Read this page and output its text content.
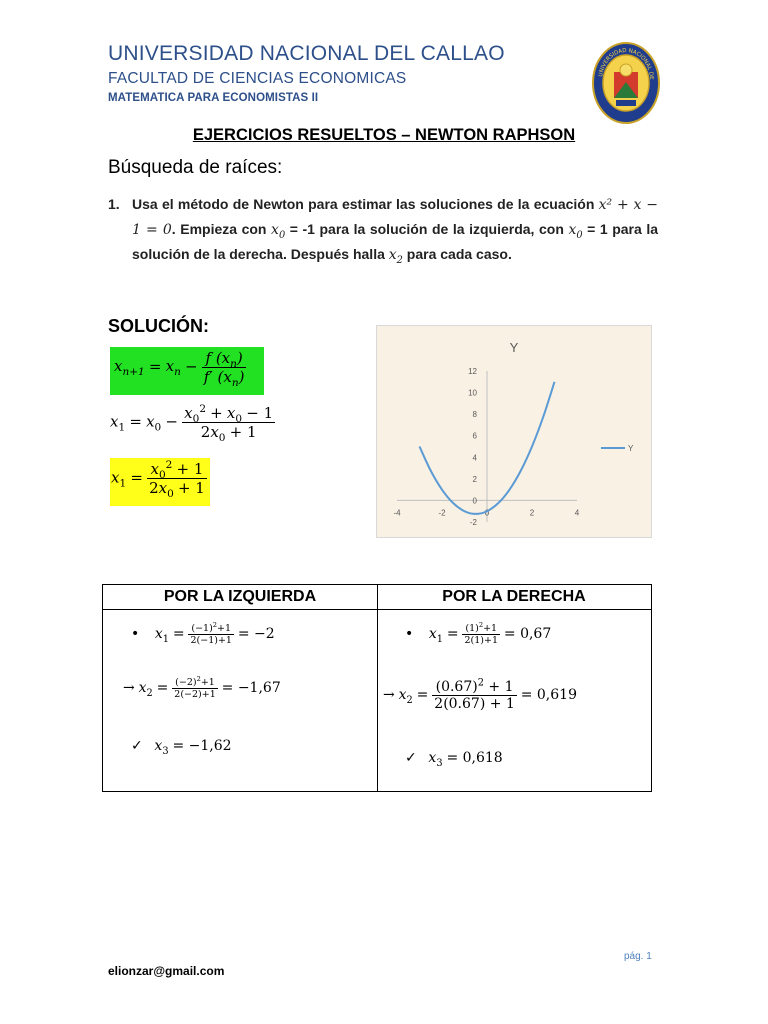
UNIVERSIDAD NACIONAL DEL CALLAO
FACULTAD DE CIENCIAS ECONOMICAS
MATEMATICA PARA ECONOMISTAS II
UNIVERSIDAD NACIONAL DE
EJERCICIOS RESUELTOS – NEWTON RAPHSON
Búsqueda de raíces:
1. Usa el método de Newton para estimar las soluciones de la ecuación x² + x − 1 = 0. Empieza con $x_0 = -1$ para la solución de la izquierda, con $x_0 = 1$ para la solución de la derecha. Después halla $x_2$ para cada caso.
SOLUCIÓN:
$x_{n+1} = x_n - \frac{f (x_n)}{f' (x_n)}$
$x_1 = x_0 - \frac{x_0^2 + x_0 - 1}{2x_0 + 1}$
$x_1 = \frac{x_0^2 + 1}{2x_0 + 1}$
Y
-2
0
2
4
6
8
10
12
-4	-2	0	2	4
Y
POR LA IZQUIERDA	POR LA DERECHA
• $x_1 = \frac{(-1)^2+1}{2(-1)+1} = -2$
→ $x_2 = \frac{(-2)^2+1}{2(-2)+1} = -1,67$
✓ $x_3 = -1,62$
• $x_1 = \frac{(1)^2+1}{2(1)+1} = 0,67$
→ $x_2 = \frac{(0.67)^2 + 1}{2(0.67) + 1} = 0,619$
✓ $x_3 = 0,618$
pág. 1
elionzar@gmail.com
